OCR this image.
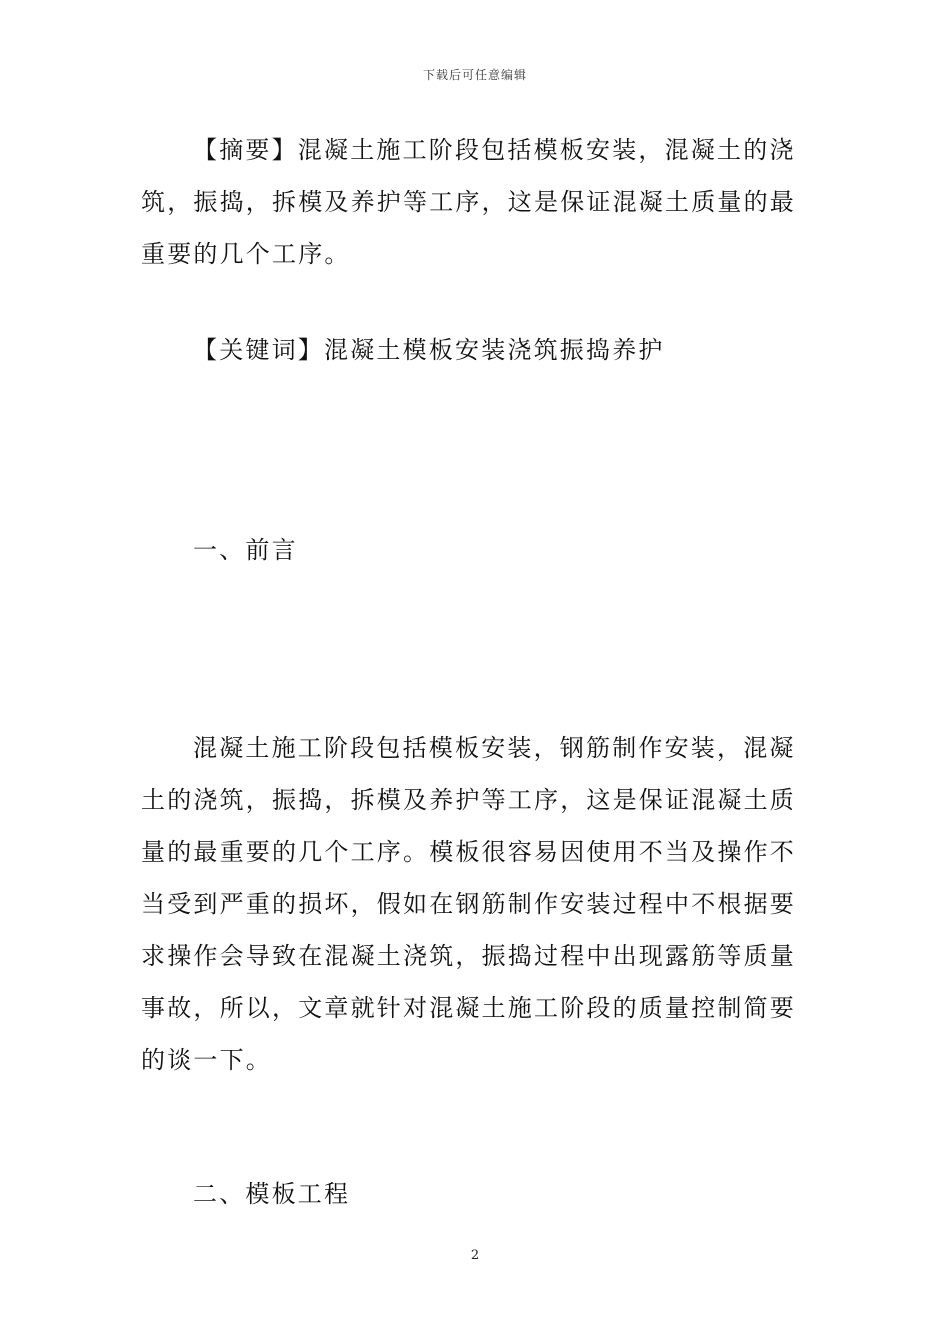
下载后可任意编辑
【摘要】混凝土施工阶段包括模板安装，混凝土的浇筑，振捣，拆模及养护等工序，这是保证混凝土质量的最重要的几个工序。
【关键词】混凝土模板安装浇筑振捣养护
一、前言
混凝土施工阶段包括模板安装，钢筋制作安装，混凝土的浇筑，振捣，拆模及养护等工序，这是保证混凝土质量的最重要的几个工序。模板很容易因使用不当及操作不当受到严重的损坏，假如在钢筋制作安装过程中不根据要求操作会导致在混凝土浇筑，振捣过程中出现露筋等质量事故，所以，文章就针对混凝土施工阶段的质量控制简要的谈一下。
二、模板工程
2
